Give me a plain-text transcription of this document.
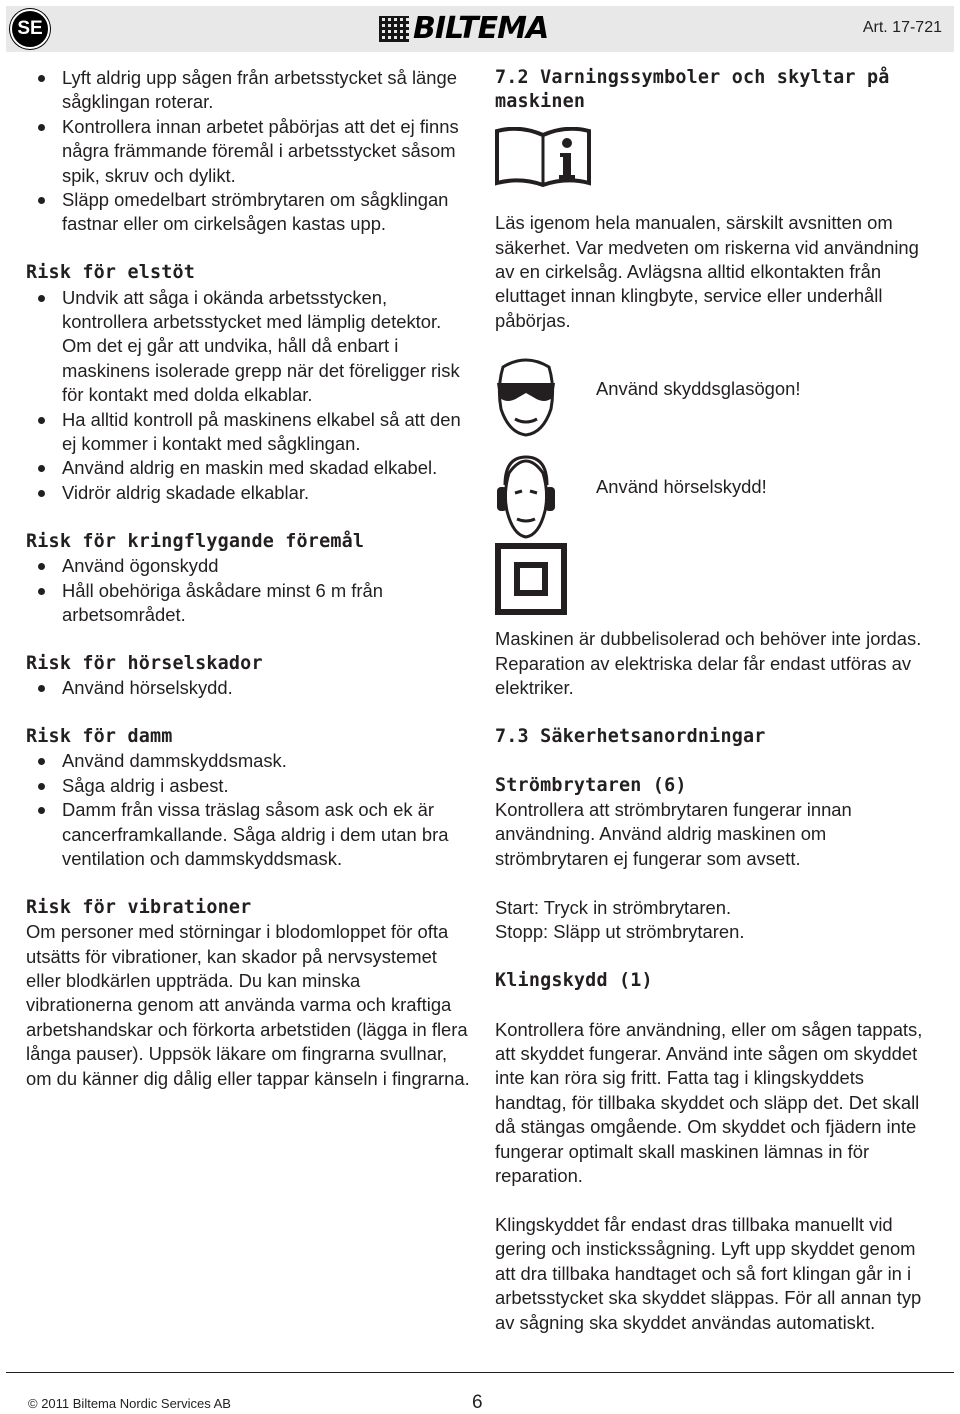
SE	BILTEMA	Art. 17-721
Lyft aldrig upp sågen från arbetsstycket så länge sågklingan roterar.
Kontrollera innan arbetet påbörjas att det ej finns några främmande föremål i arbetsstycket såsom spik, skruv och dylikt.
Släpp omedelbart strömbrytaren om sågklingan fastnar eller om cirkelsågen kastas upp.
Risk för elstöt
Undvik att såga i okända arbetsstycken, kontrollera arbetsstycket med lämplig detektor. Om det ej går att undvika, håll då enbart i maskinens isolerade grepp när det föreligger risk för kontakt med dolda elkablar.
Ha alltid kontroll på maskinens elkabel så att den ej kommer i kontakt med sågklingan.
Använd aldrig en maskin med skadad elkabel.
Vidrör aldrig skadade elkablar.
Risk för kringflygande föremål
Använd ögonskydd
Håll obehöriga åskådare minst 6 m från arbetsområdet.
Risk för hörselskador
Använd hörselskydd.
Risk för damm
Använd dammskyddsmask.
Såga aldrig i asbest.
Damm från vissa träslag såsom ask och ek är cancerframkallande. Såga aldrig i dem utan bra ventilation och dammskyddsmask.
Risk för vibrationer

Om personer med störningar i blodomloppet för ofta utsätts för vibrationer, kan skador på nervsystemet eller blodkärlen uppträda. Du kan minska vibrationerna genom att använda varma och kraftiga arbetshandskar och förkorta arbetstiden (lägga in flera långa pauser). Uppsök läkare om fingrarna svullnar, om du känner dig dålig eller tappar känseln i fingrarna.

7.2 Varningssymboler och skyltar på maskinen

Läs igenom hela manualen, särskilt avsnitten om säkerhet. Var medveten om riskerna vid användning av en cirkelsåg. Avlägsna alltid elkontakten från eluttaget innan klingbyte, service eller underhåll påbörjas.

Använd skyddsglasögon!
Använd hörselskydd!

Maskinen är dubbelisolerad och behöver inte jordas. Reparation av elektriska delar får endast utföras av elektriker.

7.3 Säkerhetsanordningar
Strömbrytaren (6)

Kontrollera att strömbrytaren fungerar innan användning. Använd aldrig maskinen om strömbrytaren ej fungerar som avsett.

Start: Tryck in strömbrytaren.

Stopp: Släpp ut strömbrytaren.

Klingskydd (1)

Kontrollera före användning, eller om sågen tappats, att skyddet fungerar. Använd inte sågen om skyddet inte kan röra sig fritt. Fatta tag i klingskyddets handtag, för tillbaka skyddet och släpp det. Det skall då stängas omgående. Om skyddet och fjädern inte fungerar optimalt skall maskinen lämnas in för reparation.

Klingskyddet får endast dras tillbaka manuellt vid gering och instickssågning. Lyft upp skyddet genom att dra tillbaka handtaget och så fort klingan går in i arbetsstycket ska skyddet släppas. För all annan typ av sågning ska skyddet användas automatiskt.

© 2011 Biltema Nordic Services AB	6
